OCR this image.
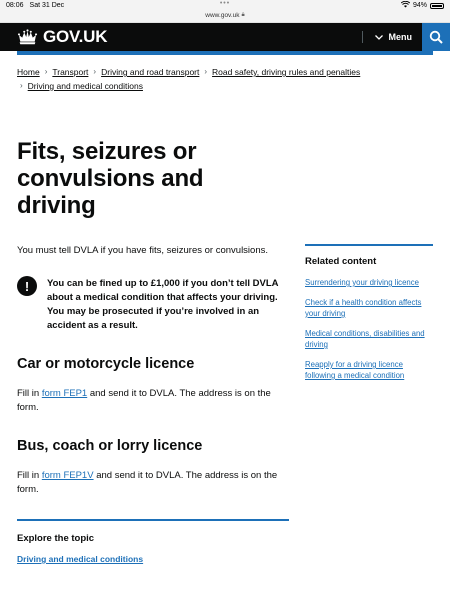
08:06 Sat 31 Dec	•••	94%
www.gov.uk 🔒︎
GOV.UK	Menu
Home › Transport › Driving and road transport › Road safety, driving rules and penalties
› Driving and medical conditions
Fits, seizures or convulsions and driving

You must tell DVLA if you have fits, seizures or convulsions.

!	You can be fined up to £1,000 if you don’t tell DVLA about a medical condition that affects your driving. You may be prosecuted if you’re involved in an accident as a result.
Car or motorcycle licence

Fill in form FEP1 and send it to DVLA. The address is on the form.

Bus, coach or lorry licence

Fill in form FEP1V and send it to DVLA. The address is on the form.

Explore the topic
Driving and medical conditions
Related content
Surrendering your driving licence
Check if a health condition affects your driving
Medical conditions, disabilities and driving
Reapply for a driving licence following a medical condition
